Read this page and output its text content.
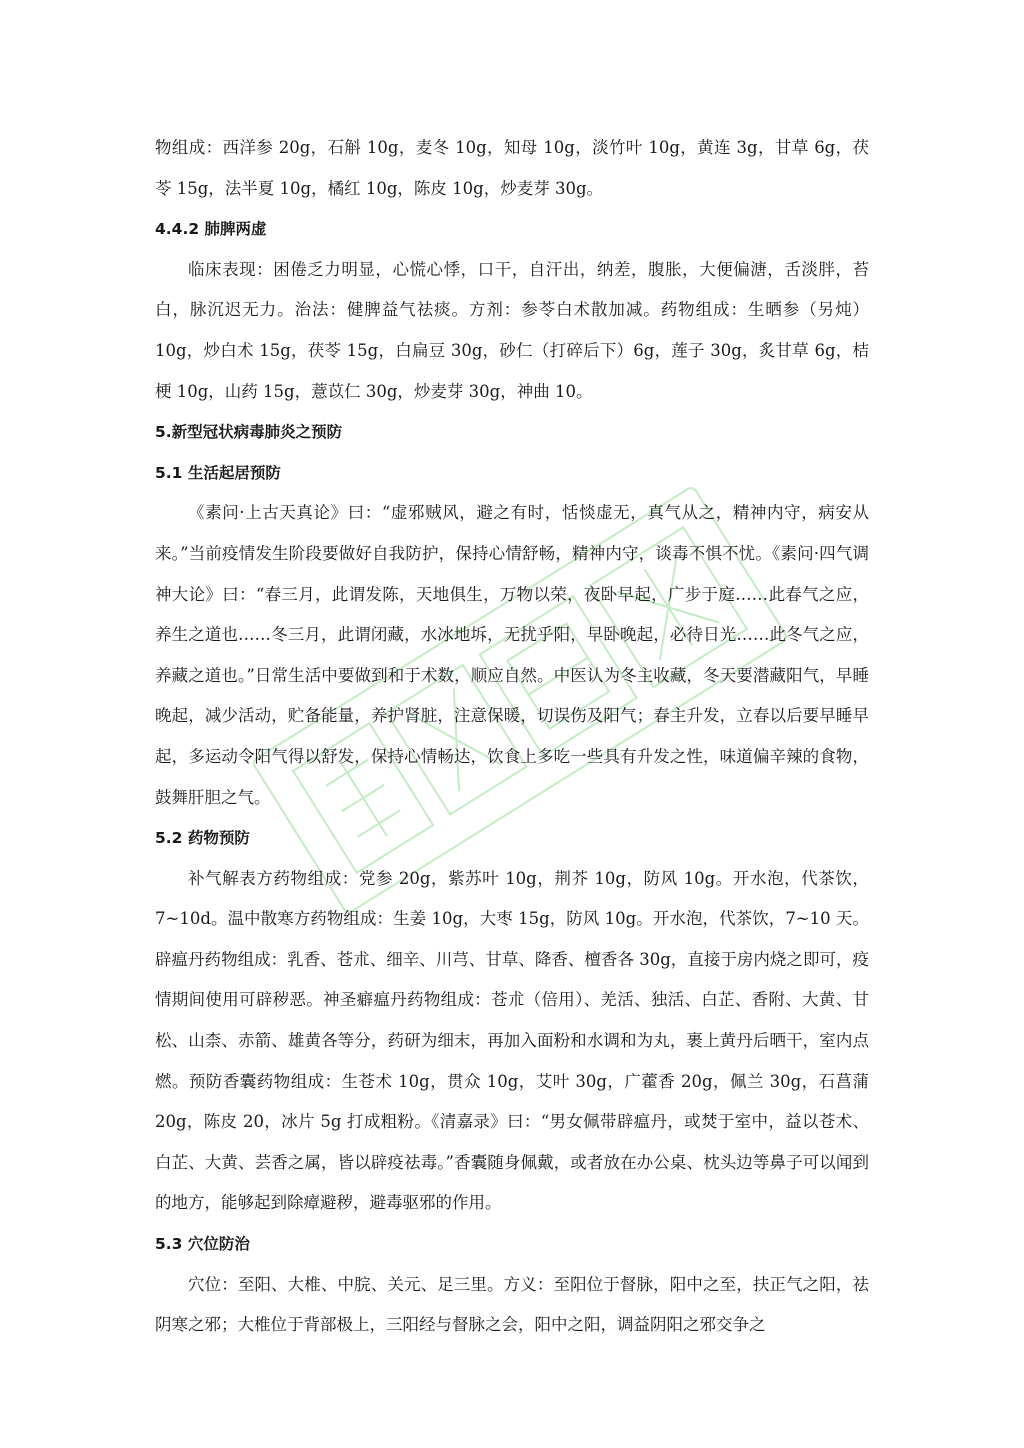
物组成：西洋参 20g，石斛 10g，麦冬 10g，知母 10g，淡竹叶 10g，黄连 3g，甘草 6g，茯苓 15g，法半夏 10g，橘红 10g，陈皮 10g，炒麦芽 30g。

4.4.2 肺脾两虚

临床表现：困倦乏力明显，心慌心悸，口干，自汗出，纳差，腹胀，大便偏溏，舌淡胖，苔白，脉沉迟无力。治法：健脾益气祛痰。方剂：参苓白术散加减。药物组成：生晒参（另炖）10g，炒白术 15g，茯苓 15g，白扁豆 30g，砂仁（打碎后下）6g，莲子 30g，炙甘草 6g，桔梗 10g，山药 15g，薏苡仁 30g，炒麦芽 30g，神曲 10。

5.新型冠状病毒肺炎之预防

5.1 生活起居预防

《素问·上古天真论》曰：“虚邪贼风，避之有时，恬惔虚无，真气从之，精神内守，病安从来。”当前疫情发生阶段要做好自我防护，保持心情舒畅，精神内守，谈毒不惧不忧。《素问·四气调神大论》曰：“春三月，此谓发陈，天地俱生，万物以荣，夜卧早起，广步于庭……此春气之应，养生之道也……冬三月，此谓闭藏，水冰地坼，无扰乎阳，早卧晚起，必待日光……此冬气之应，养藏之道也。”日常生活中要做到和于术数，顺应自然。中医认为冬主收藏，冬天要潜藏阳气，早睡晚起，减少活动，贮备能量，养护肾脏，注意保暖，切误伤及阳气；春主升发，立春以后要早睡早起，多运动令阳气得以舒发，保持心情畅达，饮食上多吃一些具有升发之性，味道偏辛辣的食物，鼓舞肝胆之气。

5.2 药物预防

补气解表方药物组成：党参 20g，紫苏叶 10g，荆芥 10g，防风 10g。开水泡，代茶饮，7~10d。温中散寒方药物组成：生姜 10g，大枣 15g，防风 10g。开水泡，代茶饮，7~10 天。辟瘟丹药物组成：乳香、苍朮、细辛、川芎、甘草、降香、檀香各 30g，直接于房内烧之即可，疫情期间使用可辟秽恶。神圣癖瘟丹药物组成：苍朮（倍用）、羌活、独活、白芷、香附、大黄、甘松、山柰、赤箭、雄黄各等分，药研为细末，再加入面粉和水调和为丸，裹上黄丹后晒干，室内点燃。预防香囊药物组成：生苍术 10g，贯众 10g，艾叶 30g，广藿香 20g，佩兰 30g，石菖蒲 20g，陈皮 20，冰片 5g 打成粗粉。《清嘉录》曰：“男女佩带辟瘟丹，或焚于室中，益以苍术、白芷、大黄、芸香之属，皆以辟疫祛毒。”香囊随身佩戴，或者放在办公桌、枕头边等鼻子可以闻到的地方，能够起到除瘴避秽，避毒驱邪的作用。

5.3 穴位防治

穴位：至阳、大椎、中脘、关元、足三里。方义：至阳位于督脉，阳中之至，扶正气之阳，祛阴寒之邪；大椎位于背部极上，三阳经与督脉之会，阳中之阳，调益阴阳之邪交争之
